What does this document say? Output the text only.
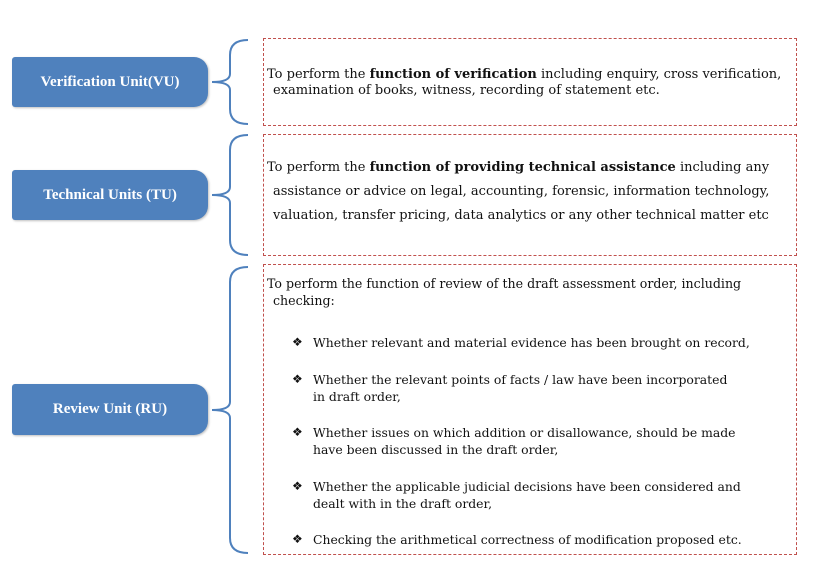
Verification Unit(VU)
Technical Units (TU)
Review Unit (RU)
To perform the function of verification including enquiry, cross verification,
examination of books, witness, recording of statement etc.
To perform the function of providing technical assistance including any
assistance or advice on legal, accounting, forensic, information technology,
valuation, transfer pricing, data analytics or any other technical matter etc
To perform the function of review of the draft assessment order, including
checking:
❖ Whether relevant and material evidence has been brought on record,
❖ Whether the relevant points of facts / law have been incorporated in draft order,
❖ Whether issues on which addition or disallowance, should be made have been discussed in the draft order,
❖ Whether the applicable judicial decisions have been considered and dealt with in the draft order,
❖ Checking the arithmetical correctness of modification proposed etc.
